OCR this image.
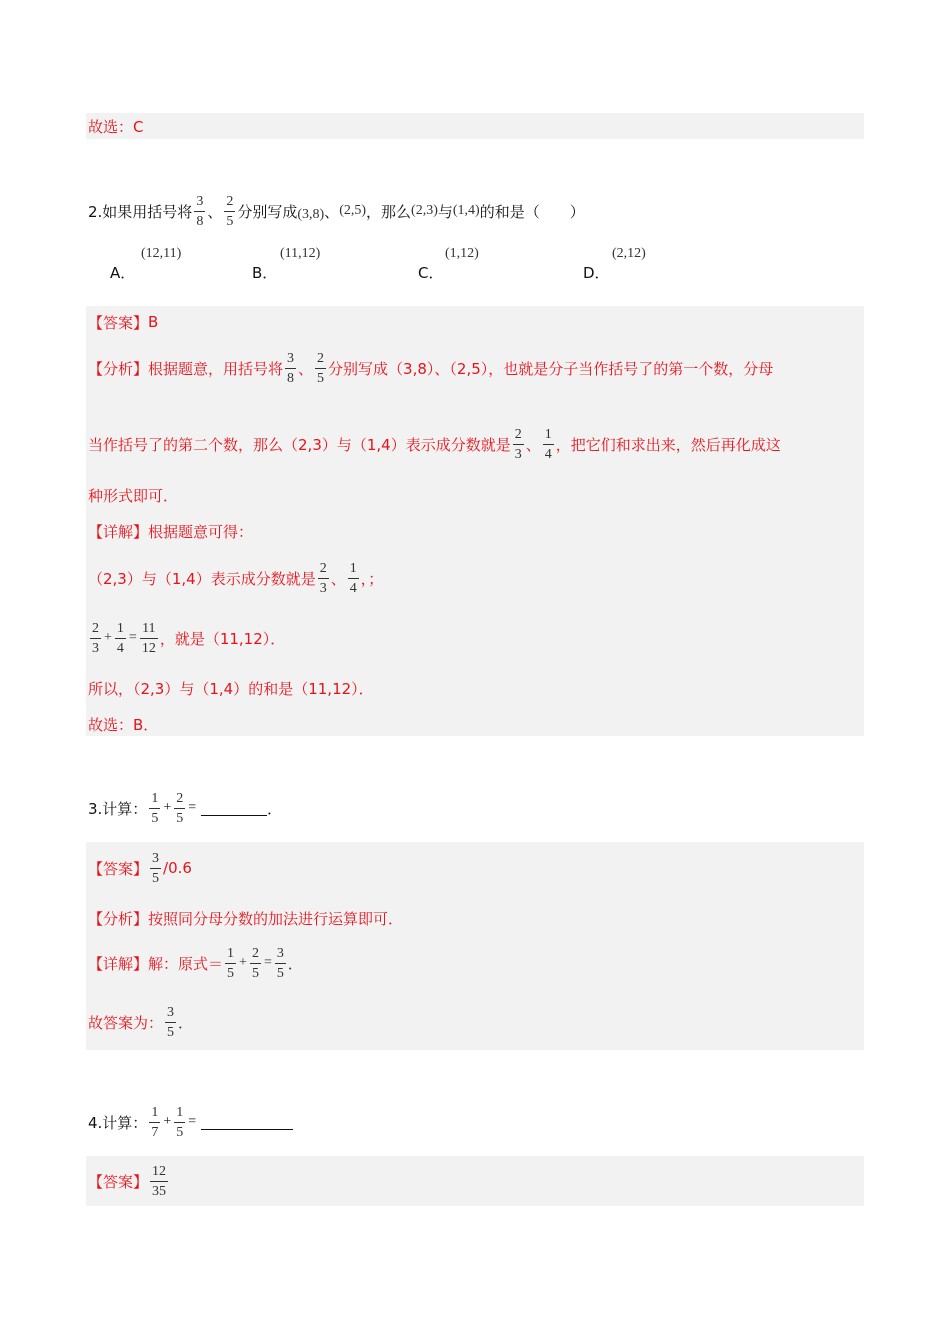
故选：C
2.如果用括号将 $\frac{3}{8}$ 、 $\frac{2}{5}$ 分别写成 (3,8) 、 (2,5) ，那么 (2,3) 与 (1,4) 的和是（　　）
A．
(12,11)
B．
(11,12)
C．
(1,12)
D．
(2,12)
【答案】 B
【分析】 根据题意，用括号将 $\frac{3}{8}$ 、 $\frac{2}{5}$ 分别写成（3,8）、（2,5），也就是分子当作括号了的第一个数，分母
当作括号了的第二个数，那么（2,3）与（1,4）表示成分数就是 $\frac{2}{3}$ 、 $\frac{1}{4}$ ，把它们和求出来，然后再化成这
种形式即可．
【详解】 根据题意可得：
（2,3）与（1,4）表示成分数就是 $\frac{2}{3}$ 、 $\frac{1}{4}$ ，；
$\frac{2}{3} + \frac{1}{4} = \frac{11}{12}$ ，就是（11,12）．
所以，（2,3）与（1,4）的和是（11,12）．
故选：B．
3.计算： $\frac{1}{5} + \frac{2}{5}$ =	．
【答案】 $\frac{3}{5} /0.6$
【分析】 按照同分母分数的加法进行运算即可．
【详解】 解：原式＝ $\frac{1}{5} + \frac{2}{5} = \frac{3}{5}$ ．
故答案为： $\frac{3}{5}$ ．
4.计算： $\frac{1}{7} + \frac{1}{5}$ =
【答案】 $\frac{12}{35}$
